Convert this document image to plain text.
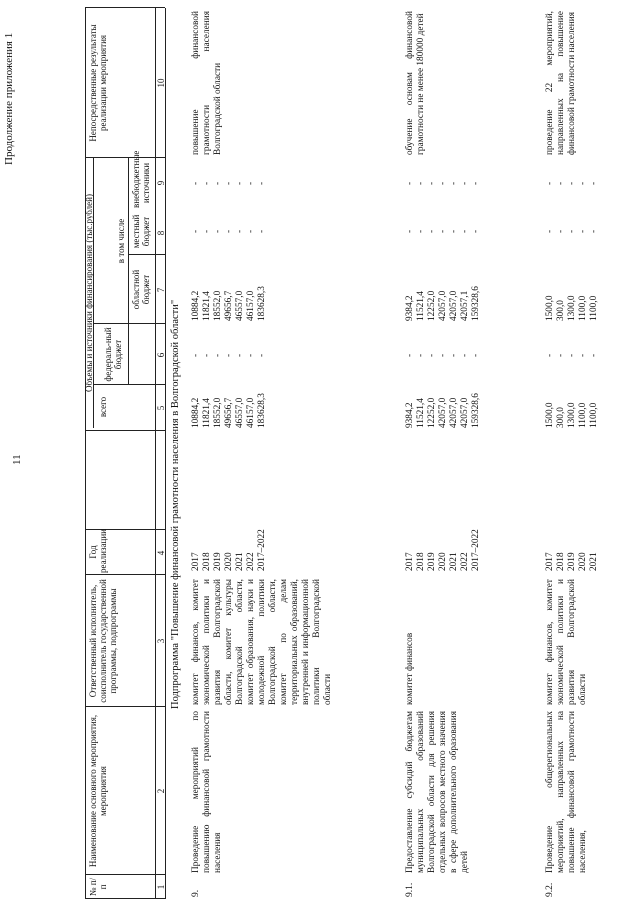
11
Продолжение приложения 1
№ п/п
Наименование основного мероприятия, мероприятия
Ответственный исполнитель, соисполнитель государственной программы, подпрограммы
Год реализации
Объемы и источники финансирования (тыс.рублей)
всего
в том числе
федераль-ный бюджет
областной бюджет
местный бюджет
внебюджетные источники
Непосредственные результаты реализации мероприятия
1
2
3
4
5
6
7
8
9
10
Подпрограмма "Повышение финансовой грамотности населения в Волгоградской области"
9.
Проведение мероприятий по повышению финансовой грамотности населения
комитет финансов, комитет экономической политики и развития Волгоградской области, комитет культуры Волгоградской области, комитет образования, науки и молодежной политики Волгоградской области, комитет по делам территориальных образований, внутренней и информационной политики Волгоградской области
2017
2018
2019
2020
2021
2022
2017–2022
10884,2
11821,4
18552,0
49656,7
46557,0
46157,0
183628,3
-
-
-
-
-
-
-
10884,2
11821,4
18552,0
49656,7
46557,0
46157,0
183628,3
-
-
-
-
-
-
-
-
-
-
-
-
-
-
повышение финансовой грамотности населения Волгоградской области
9.1.
Предоставление субсидий бюджетам муниципальных образований Волгоградской области для решения отдельных вопросов местного значения в сфере дополнительного образования детей
комитет финансов
2017
2018
2019
2020
2021
2022
2017–2022
9384,2
11521,4
12252,0
42057,0
42057,0
42057,0
159328,6
-
-
-
-
-
-
-
9384,2
11521,4
12252,0
42057,0
42057,0
42057,1
159328,6
-
-
-
-
-
-
-
-
-
-
-
-
-
-
обучение основам финансовой грамотности не менее 180000 детей
9.2.
Проведение общерегиональных мероприятий, направленных на повышение финансовой грамотности населения,
комитет финансов, комитет экономической политики и развития Волгоградской области
2017
2018
2019
2020
2021
1500,0
300,0
1300,0
1100,0
1100,0
-
-
-
-
-
1500,0
300,0
1300,0
1100,0
1100,0
-
-
-
-
-
-
-
-
-
-
проведение 22 мероприятий, направленных на повышение финансовой грамотности населения
